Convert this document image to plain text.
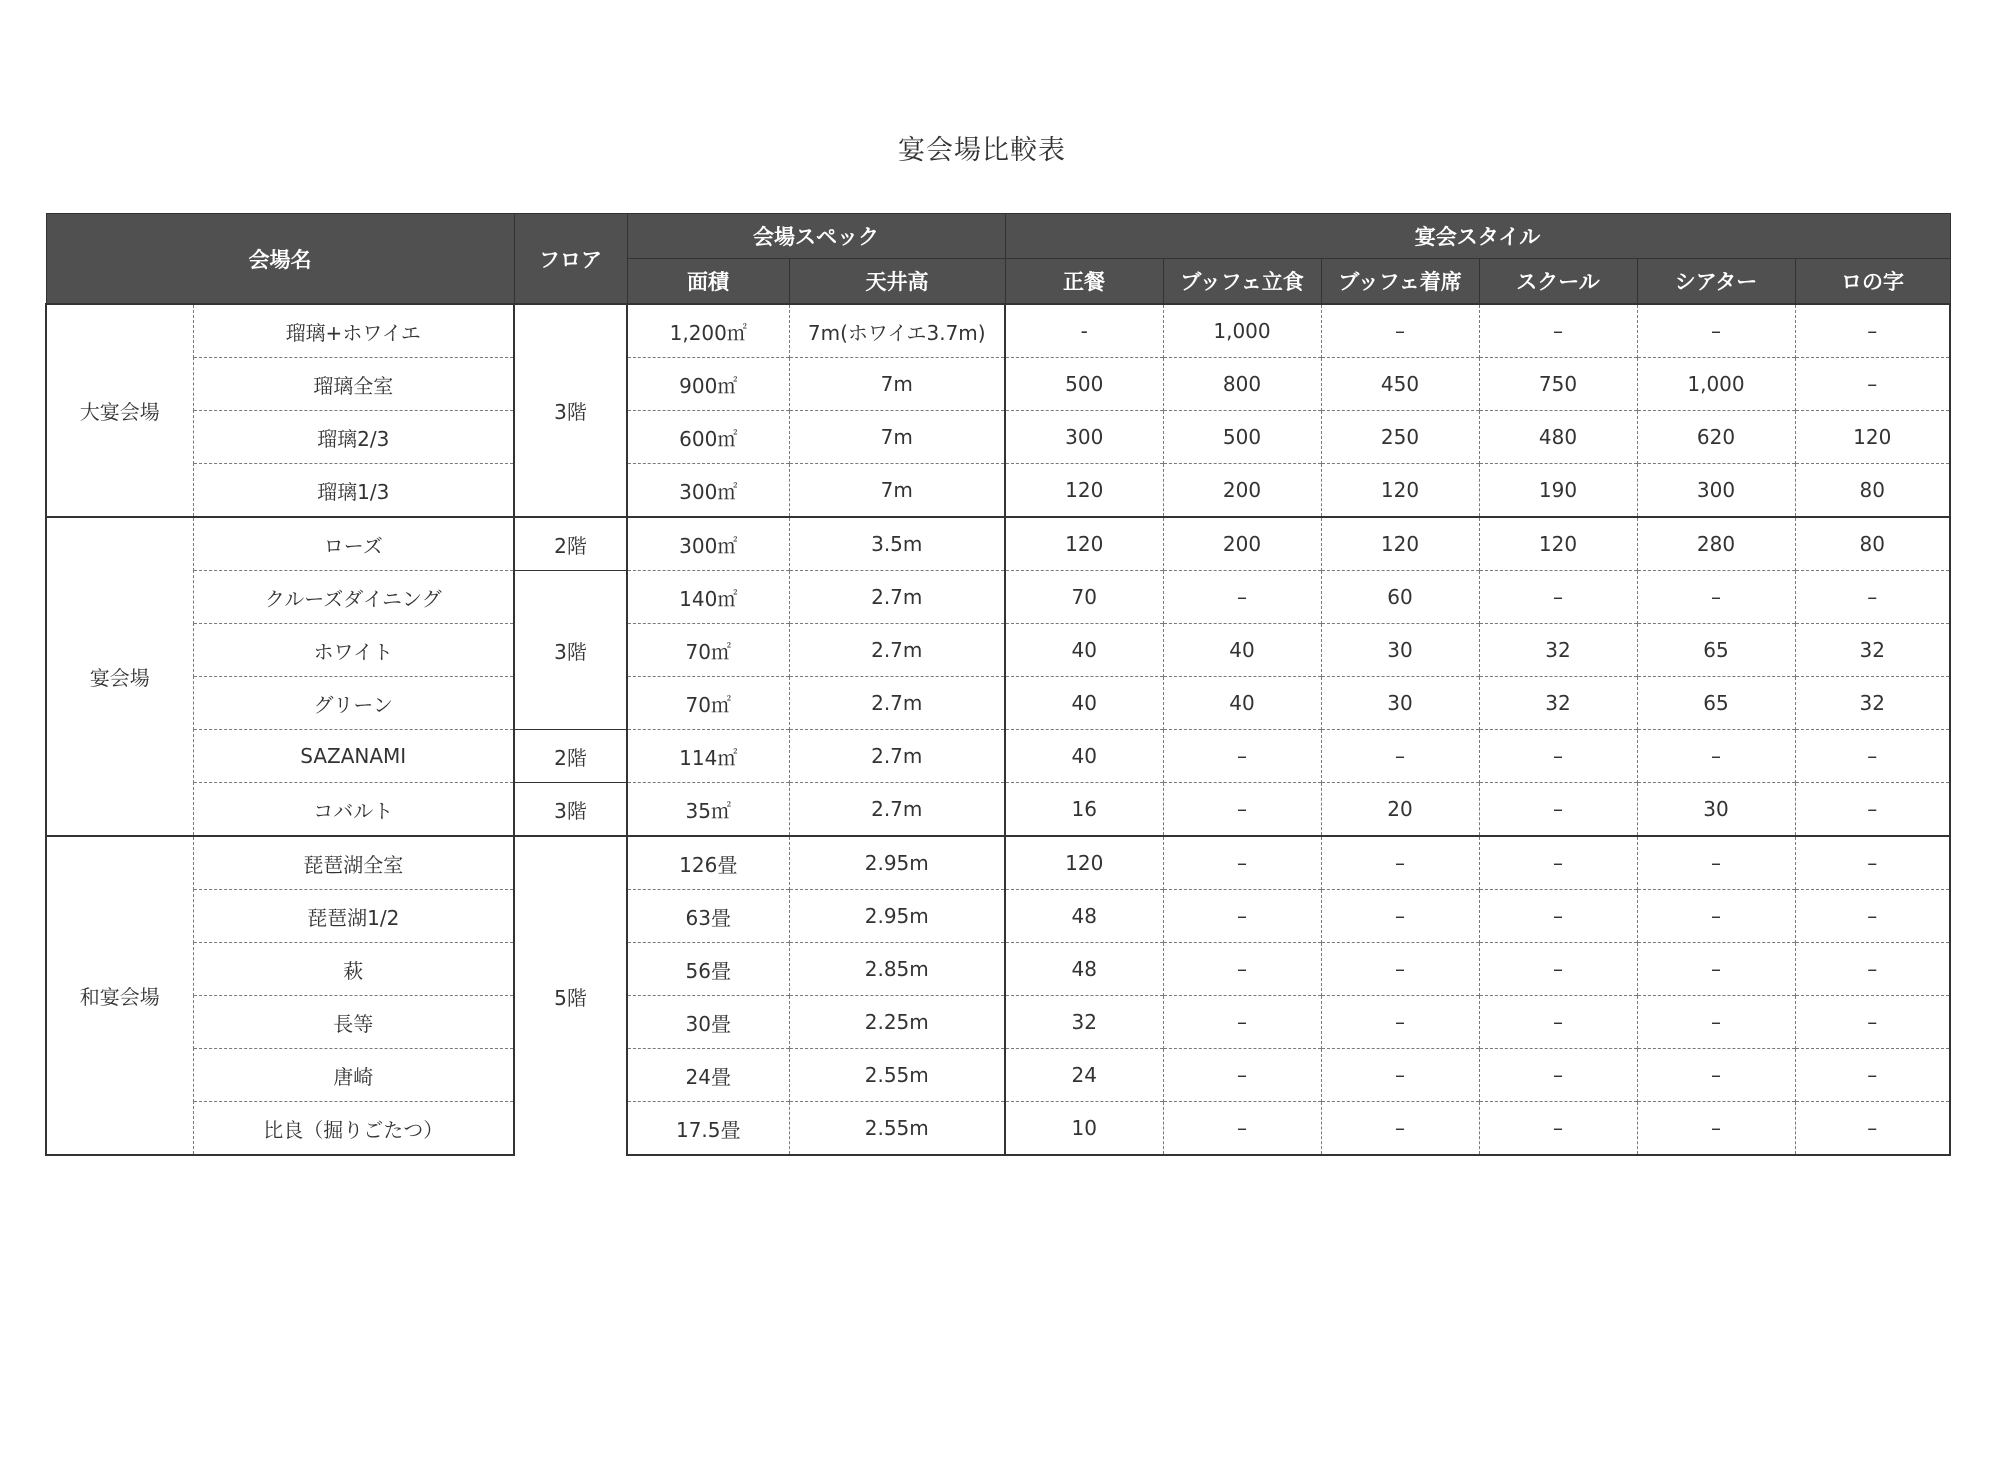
宴会場比較表
会場名		フロア	会場スペック		宴会スタイル					
			面積	天井高	正餐	ブッフェ立食	ブッフェ着席	スクール	シアター	ロの字
大宴会場	瑠璃+ホワイエ	3階	1,200㎡	7m(ホワイエ3.7m)	-	1,000	–	–	–	–
	瑠璃全室		900㎡	7m	500	800	450	750	1,000	–
	瑠璃2/3		600㎡	7m	300	500	250	480	620	120
	瑠璃1/3		300㎡	7m	120	200	120	190	300	80
宴会場	ローズ	2階	300㎡	3.5m	120	200	120	120	280	80
	クルーズダイニング	3階	140㎡	2.7m	70	–	60	–	–	–
	ホワイト		70㎡	2.7m	40	40	30	32	65	32
	グリーン		70㎡	2.7m	40	40	30	32	65	32
	SAZANAMI	2階	114㎡	2.7m	40	–	–	–	–	–
	コバルト	3階	35㎡	2.7m	16	–	20	–	30	–
和宴会場	琵琶湖全室	5階	126畳	2.95m	120	–	–	–	–	–
	琵琶湖1/2		63畳	2.95m	48	–	–	–	–	–
	萩		56畳	2.85m	48	–	–	–	–	–
	長等		30畳	2.25m	32	–	–	–	–	–
	唐崎		24畳	2.55m	24	–	–	–	–	–
	比良（掘りごたつ）		17.5畳	2.55m	10	–	–	–	–	–
